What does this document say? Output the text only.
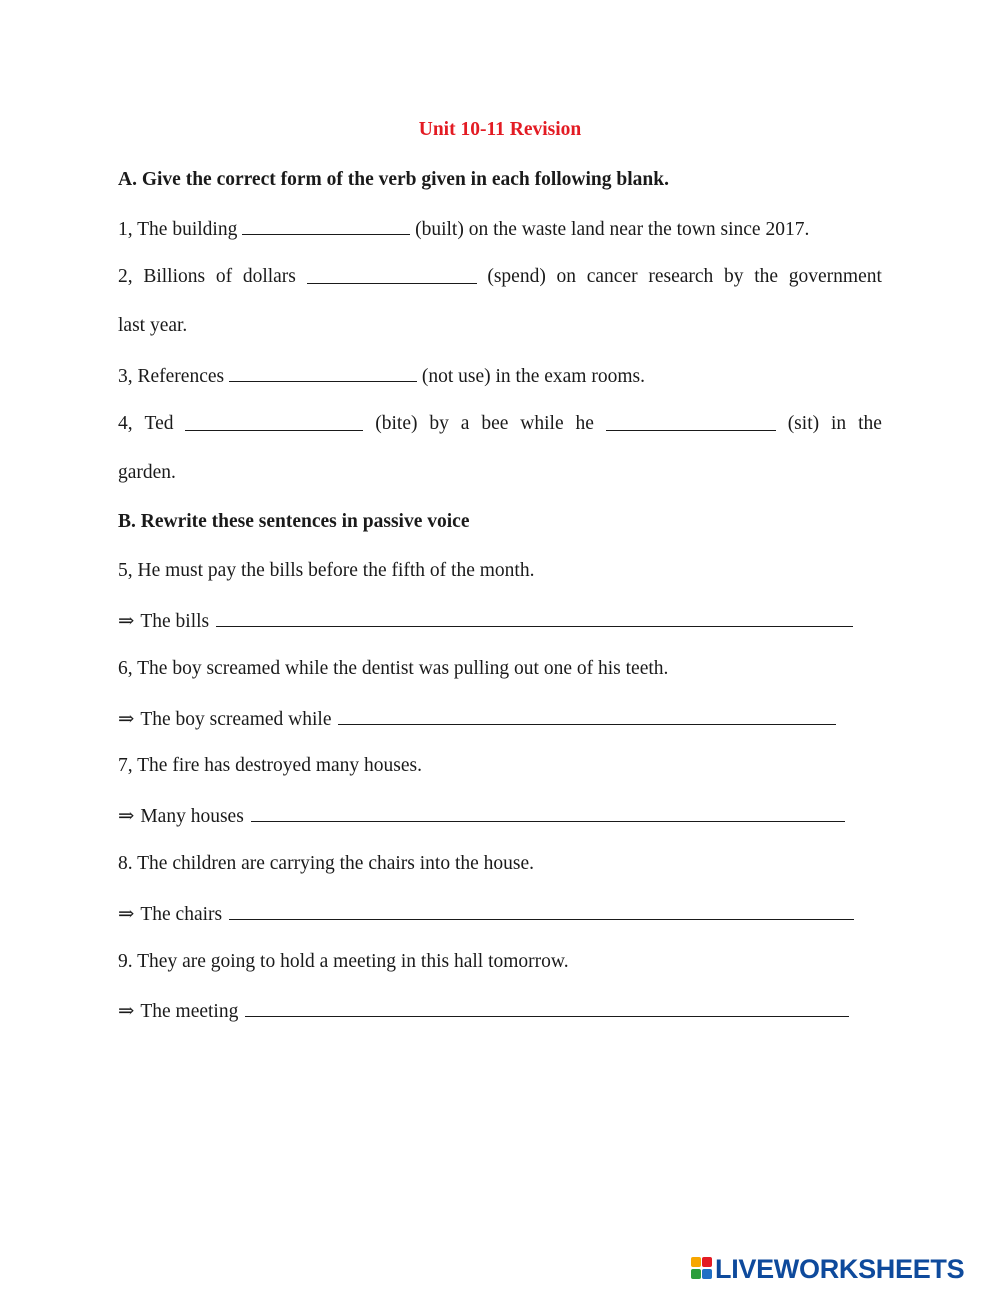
Unit 10-11 Revision
A. Give the correct form of the verb given in each following blank.
1, The building	(built) on the waste land near the town since 2017.
2, Billions of dollars	(spend) on cancer research by the government
last year.
3, References	(not use) in the exam rooms.
4, Ted	(bite) by a bee while he	(sit) in the
garden.
B. Rewrite these sentences in passive voice
5, He must pay the bills before the fifth of the month.
⇒ The bills
6, The boy screamed while the dentist was pulling out one of his teeth.
⇒ The boy screamed while
7, The fire has destroyed many houses.
⇒ Many houses
8. The children are carrying the chairs into the house.
⇒ The chairs
9. They are going to hold a meeting in this hall tomorrow.
⇒ The meeting
LIVEWORKSHEETS
